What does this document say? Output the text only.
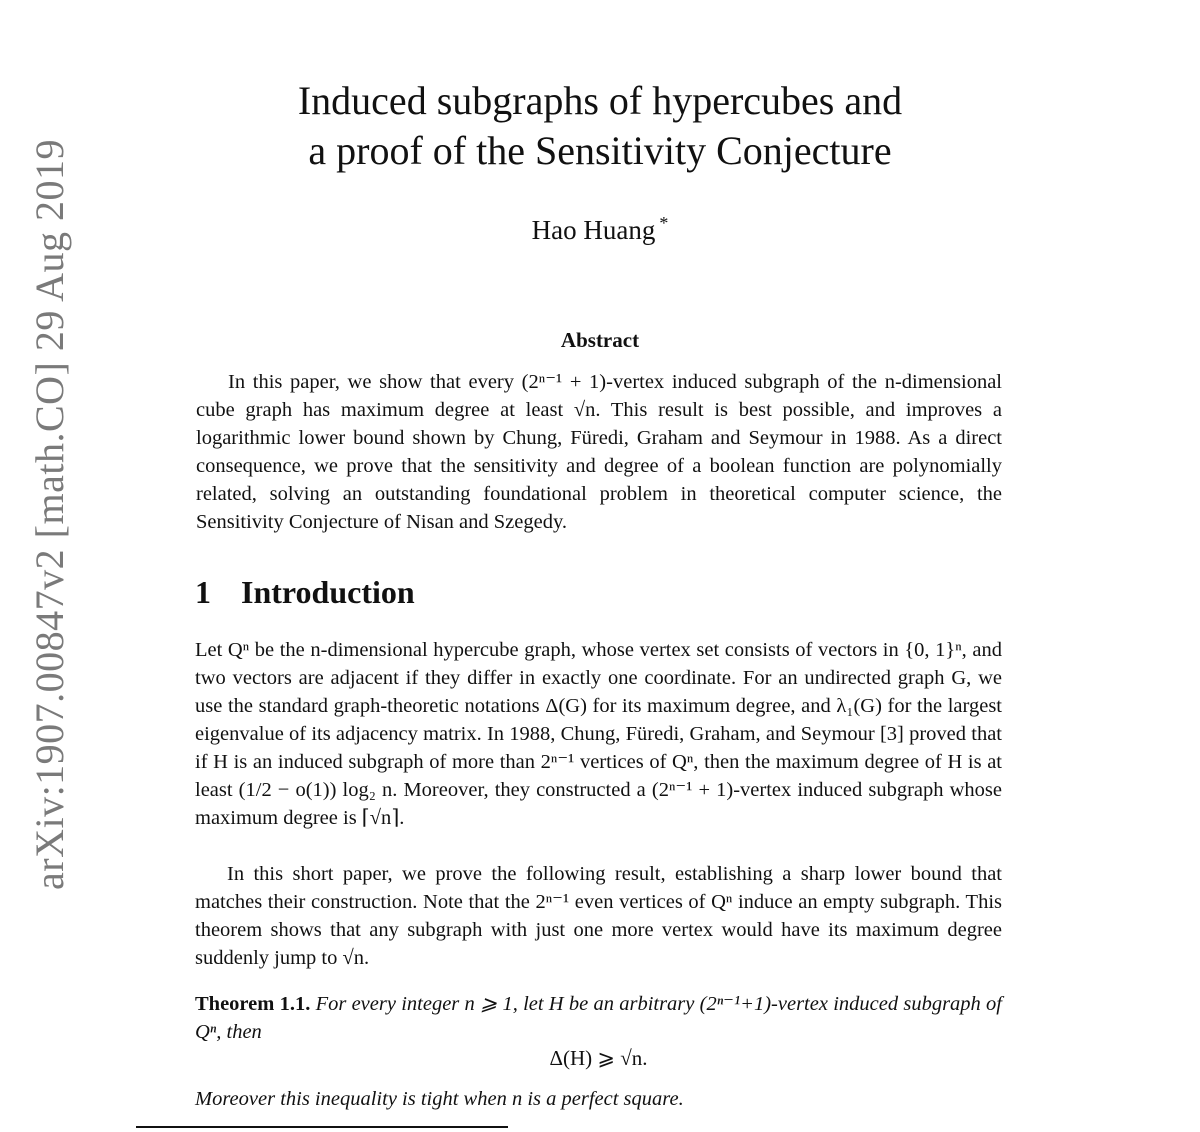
arXiv:1907.00847v2 [math.CO] 29 Aug 2019
Induced subgraphs of hypercubes and
a proof of the Sensitivity Conjecture
Hao Huang *
Abstract

In this paper, we show that every (2ⁿ⁻¹ + 1)-vertex induced subgraph of the n-dimensional cube graph has maximum degree at least √n. This result is best possible, and improves a logarithmic lower bound shown by Chung, Füredi, Graham and Seymour in 1988. As a direct consequence, we prove that the sensitivity and degree of a boolean function are polynomially related, solving an outstanding foundational problem in theoretical computer science, the Sensitivity Conjecture of Nisan and Szegedy.

1 Introduction

Let Qⁿ be the n-dimensional hypercube graph, whose vertex set consists of vectors in {0, 1}ⁿ, and two vectors are adjacent if they differ in exactly one coordinate. For an undirected graph G, we use the standard graph-theoretic notations Δ(G) for its maximum degree, and λ₁(G) for the largest eigenvalue of its adjacency matrix. In 1988, Chung, Füredi, Graham, and Seymour [3] proved that if H is an induced subgraph of more than 2ⁿ⁻¹ vertices of Qⁿ, then the maximum degree of H is at least (1/2 − o(1)) log₂ n. Moreover, they constructed a (2ⁿ⁻¹ + 1)-vertex induced subgraph whose maximum degree is ⌈√n⌉.

In this short paper, we prove the following result, establishing a sharp lower bound that matches their construction. Note that the 2ⁿ⁻¹ even vertices of Qⁿ induce an empty subgraph. This theorem shows that any subgraph with just one more vertex would have its maximum degree suddenly jump to √n.

Theorem 1.1. For every integer n ⩾ 1, let H be an arbitrary (2ⁿ⁻¹+1)-vertex induced subgraph of Qⁿ, then

Δ(H) ⩾ √n.

Moreover this inequality is tight when n is a perfect square.
